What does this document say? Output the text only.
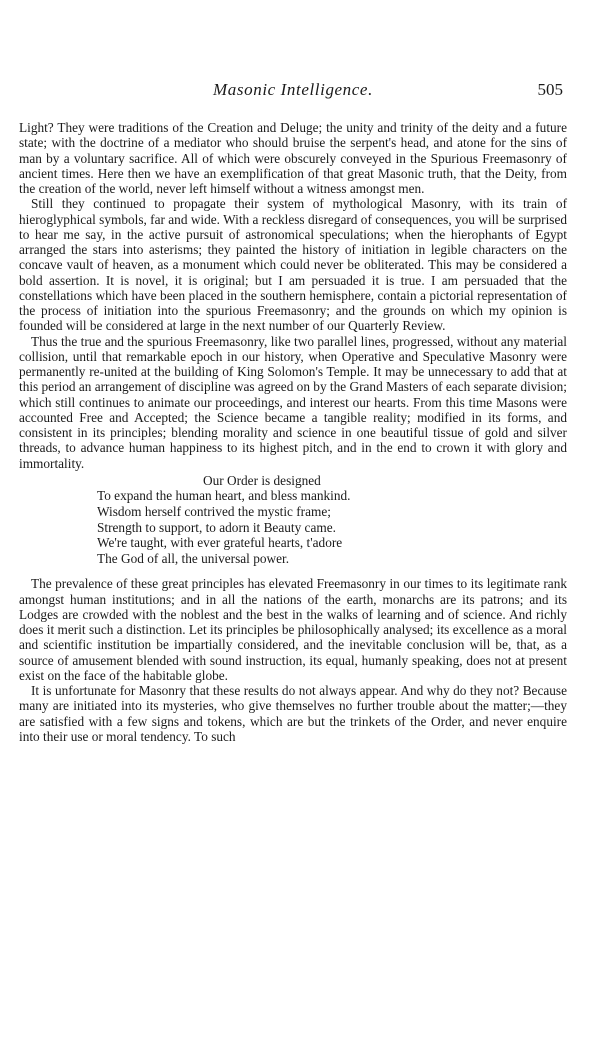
Masonic Intelligence.	505

Light? They were traditions of the Creation and Deluge; the unity and trinity of the deity and a future state; with the doctrine of a mediator who should bruise the serpent's head, and atone for the sins of man by a voluntary sacrifice. All of which were obscurely conveyed in the Spurious Freemasonry of ancient times. Here then we have an exemplification of that great Masonic truth, that the Deity, from the creation of the world, never left himself without a witness amongst men.

Still they continued to propagate their system of mythological Masonry, with its train of hieroglyphical symbols, far and wide. With a reckless disregard of consequences, you will be surprised to hear me say, in the active pursuit of astronomical speculations; when the hierophants of Egypt arranged the stars into asterisms; they painted the history of initiation in legible characters on the concave vault of heaven, as a monument which could never be obliterated. This may be considered a bold assertion. It is novel, it is original; but I am persuaded it is true. I am persuaded that the constellations which have been placed in the southern hemisphere, contain a pictorial representation of the process of initiation into the spurious Freemasonry; and the grounds on which my opinion is founded will be considered at large in the next number of our Quarterly Review.

Thus the true and the spurious Freemasonry, like two parallel lines, progressed, without any material collision, until that remarkable epoch in our history, when Operative and Speculative Masonry were permanently re-united at the building of King Solomon's Temple. It may be unnecessary to add that at this period an arrangement of discipline was agreed on by the Grand Masters of each separate division; which still continues to animate our proceedings, and interest our hearts. From this time Masons were accounted Free and Accepted; the Science became a tangible reality; modified in its forms, and consistent in its principles; blending morality and science in one beautiful tissue of gold and silver threads, to advance human happiness to its highest pitch, and in the end to crown it with glory and immortality.

Our Order is designed
To expand the human heart, and bless mankind.
Wisdom herself contrived the mystic frame;
Strength to support, to adorn it Beauty came.
We're taught, with ever grateful hearts, t'adore
The God of all, the universal power.

The prevalence of these great principles has elevated Freemasonry in our times to its legitimate rank amongst human institutions; and in all the nations of the earth, monarchs are its patrons; and its Lodges are crowded with the noblest and the best in the walks of learning and of science. And richly does it merit such a distinction. Let its principles be philosophically analysed; its excellence as a moral and scientific institution be impartially considered, and the inevitable conclusion will be, that, as a source of amusement blended with sound instruction, its equal, humanly speaking, does not at present exist on the face of the habitable globe.

It is unfortunate for Masonry that these results do not always appear. And why do they not? Because many are initiated into its mysteries, who give themselves no further trouble about the matter;—they are satisfied with a few signs and tokens, which are but the trinkets of the Order, and never enquire into their use or moral tendency. To such
